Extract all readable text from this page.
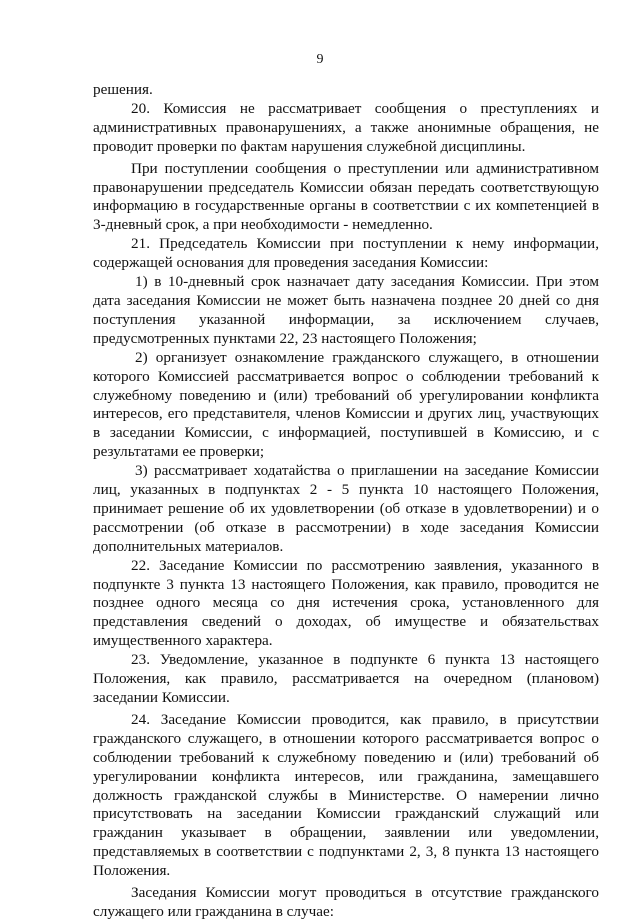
9

решения.

20. Комиссия не рассматривает сообщения о преступлениях и административных правонарушениях, а также анонимные обращения, не проводит проверки по фактам нарушения служебной дисциплины.

При поступлении сообщения о преступлении или административном правонарушении председатель Комиссии обязан передать соответствующую информацию в государственные органы в соответствии с их компетенцией в 3-дневный срок, а при необходимости - немедленно.

21. Председатель Комиссии при поступлении к нему информации, содержащей основания для проведения заседания Комиссии:

1) в 10-дневный срок назначает дату заседания Комиссии. При этом дата заседания Комиссии не может быть назначена позднее 20 дней со дня поступления указанной информации, за исключением случаев, предусмотренных пунктами 22, 23 настоящего Положения;

2) организует ознакомление гражданского служащего, в отношении которого Комиссией рассматривается вопрос о соблюдении требований к служебному поведению и (или) требований об урегулировании конфликта интересов, его представителя, членов Комиссии и других лиц, участвующих в заседании Комиссии, с информацией, поступившей в Комиссию, и с результатами ее проверки;

3) рассматривает ходатайства о приглашении на заседание Комиссии лиц, указанных в подпунктах 2 - 5 пункта 10 настоящего Положения, принимает решение об их удовлетворении (об отказе в удовлетворении) и о рассмотрении (об отказе в рассмотрении) в ходе заседания Комиссии дополнительных материалов.

22. Заседание Комиссии по рассмотрению заявления, указанного в подпункте 3 пункта 13 настоящего Положения, как правило, проводится не позднее одного месяца со дня истечения срока, установленного для представления сведений о доходах, об имуществе и обязательствах имущественного характера.

23. Уведомление, указанное в подпункте 6 пункта 13 настоящего Положения, как правило, рассматривается на очередном (плановом) заседании Комиссии.

24. Заседание Комиссии проводится, как правило, в присутствии гражданского служащего, в отношении которого рассматривается вопрос о соблюдении требований к служебному поведению и (или) требований об урегулировании конфликта интересов, или гражданина, замещавшего должность гражданской службы в Министерстве. О намерении лично присутствовать на заседании Комиссии гражданский служащий или гражданин указывает в обращении, заявлении или уведомлении, представляемых в соответствии с подпунктами 2, 3, 8 пункта 13 настоящего Положения.

Заседания Комиссии могут проводиться в отсутствие гражданского служащего или гражданина в случае:
